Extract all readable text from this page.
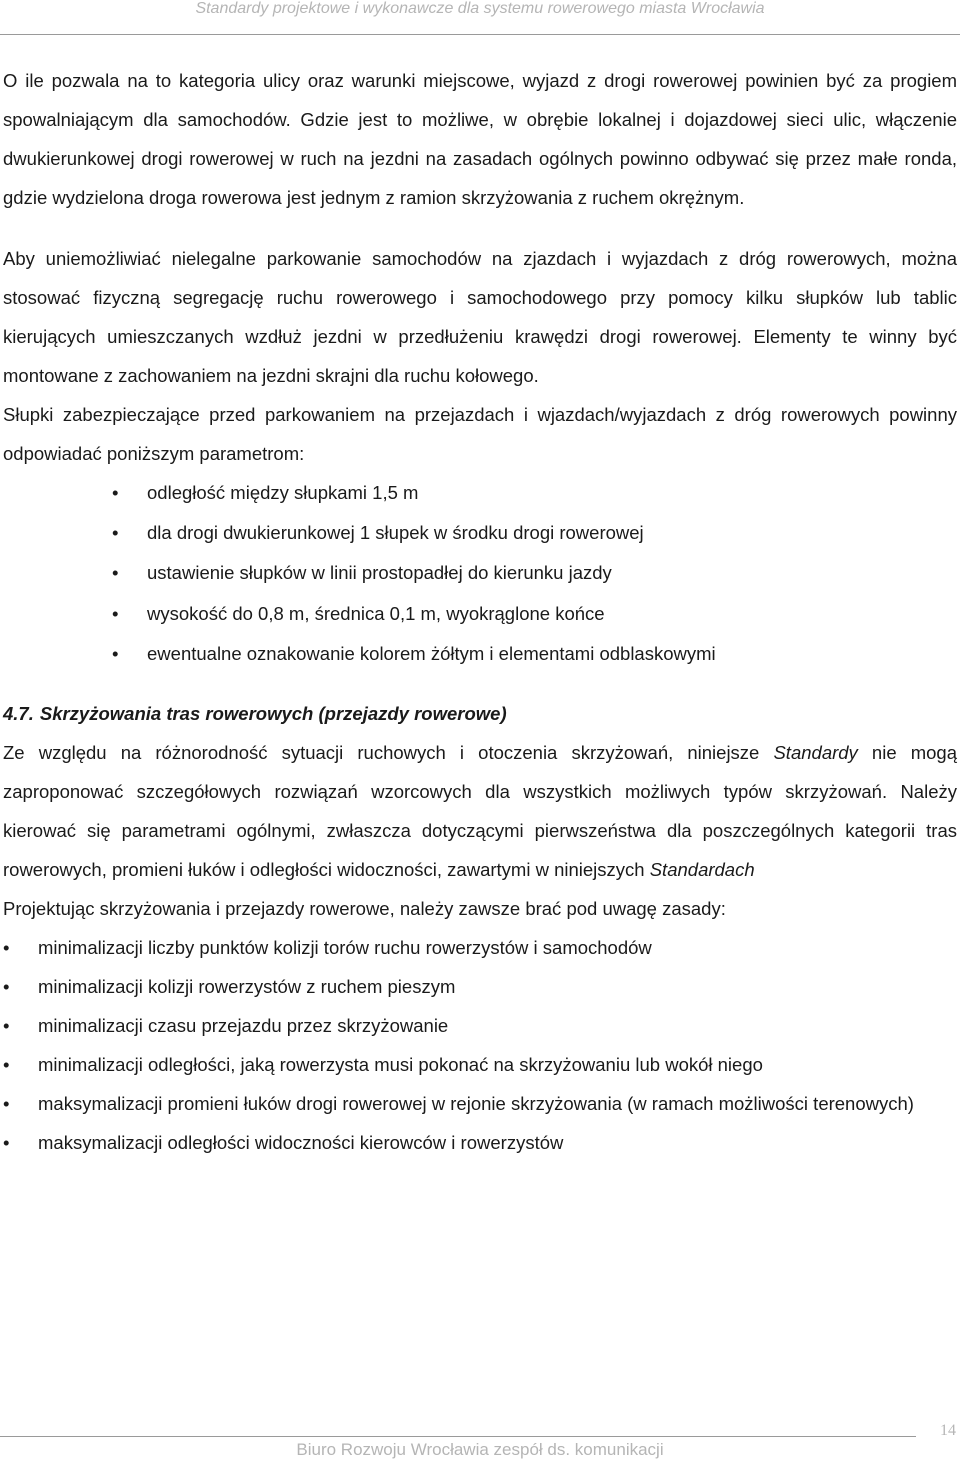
Standardy projektowe i wykonawcze dla systemu rowerowego miasta Wrocławia

O ile pozwala na to kategoria ulicy oraz warunki miejscowe, wyjazd z drogi rowerowej powinien być za progiem spowalniającym dla samochodów. Gdzie jest to możliwe, w obrębie lokalnej i dojazdowej sieci ulic, włączenie dwukierunkowej drogi rowerowej w ruch na jezdni na zasadach ogólnych powinno odbywać się przez małe ronda, gdzie wydzielona droga rowerowa jest jednym z ramion skrzyżowania z ruchem okrężnym.

Aby uniemożliwiać nielegalne parkowanie samochodów na zjazdach i wyjazdach z dróg rowerowych, można stosować fizyczną segregację ruchu rowerowego i samochodowego przy pomocy kilku słupków lub tablic kierujących umieszczanych wzdłuż jezdni w przedłużeniu krawędzi drogi rowerowej. Elementy te winny być montowane z zachowaniem na jezdni skrajni dla ruchu kołowego.

Słupki zabezpieczające przed parkowaniem na przejazdach i wjazdach/wyjazdach z dróg rowerowych powinny odpowiadać poniższym parametrom:

• odległość między słupkami 1,5 m
• dla drogi dwukierunkowej 1 słupek w środku drogi rowerowej
• ustawienie słupków w linii prostopadłej do kierunku jazdy
• wysokość do 0,8 m, średnica 0,1 m, wyokrąglone końce
• ewentualne oznakowanie kolorem żółtym i elementami odblaskowymi
4.7. Skrzyżowania tras rowerowych (przejazdy rowerowe)

Ze względu na różnorodność sytuacji ruchowych i otoczenia skrzyżowań, niniejsze Standardy nie mogą zaproponować szczegółowych rozwiązań wzorcowych dla wszystkich możliwych typów skrzyżowań. Należy kierować się parametrami ogólnymi, zwłaszcza dotyczącymi pierwszeństwa dla poszczególnych kategorii tras rowerowych, promieni łuków i odległości widoczności, zawartymi w niniejszych Standardach

Projektując skrzyżowania i przejazdy rowerowe, należy zawsze brać pod uwagę zasady:

• minimalizacji liczby punktów kolizji torów ruchu rowerzystów i samochodów
• minimalizacji kolizji rowerzystów z ruchem pieszym
• minimalizacji czasu przejazdu przez skrzyżowanie
• minimalizacji odległości, jaką rowerzysta musi pokonać na skrzyżowaniu lub wokół niego
• maksymalizacji promieni łuków drogi rowerowej w rejonie skrzyżowania (w ramach możliwości terenowych)
• maksymalizacji odległości widoczności kierowców i rowerzystów
14
Biuro Rozwoju Wrocławia zespół ds. komunikacji
